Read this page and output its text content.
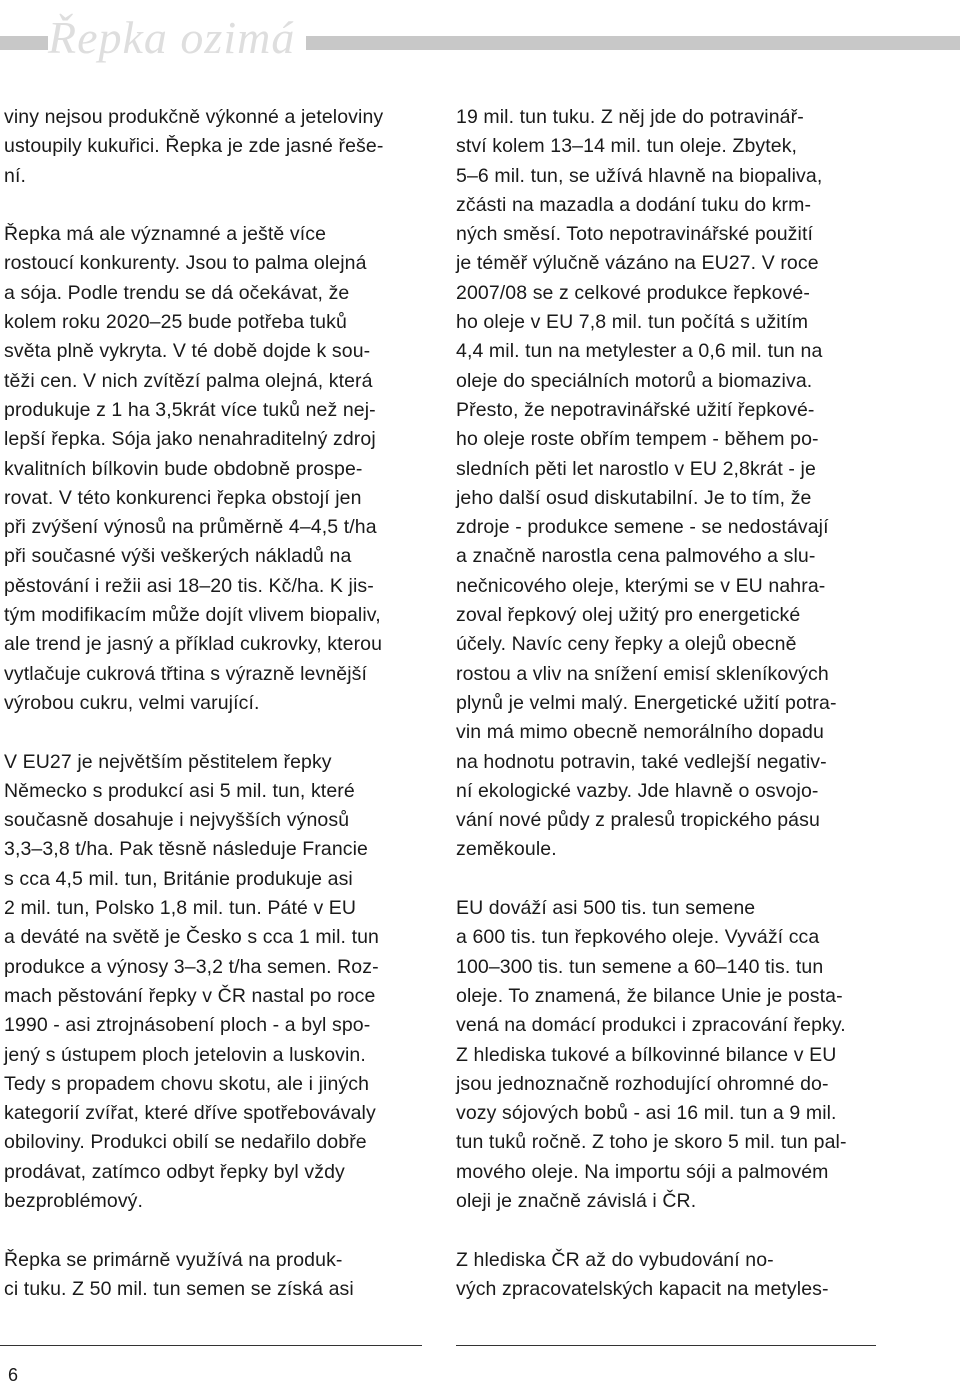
Řepka ozimá

viny nejsou produkčně výkonné a jeteloviny
ustoupily kukuřici. Řepka je zde jasné řeše-
ní.

Řepka má ale významné a ještě více
rostoucí konkurenty. Jsou to palma olejná
a sója. Podle trendu se dá očekávat, že
kolem roku 2020–25 bude potřeba tuků
světa plně vykryta. V té době dojde k sou-
těži cen. V nich zvítězí palma olejná, která
produkuje z 1 ha 3,5krát více tuků než nej-
lepší řepka. Sója jako nenahraditelný zdroj
kvalitních bílkovin bude obdobně prospe-
rovat. V této konkurenci řepka obstojí jen
při zvýšení výnosů na průměrně 4–4,5 t/ha
při současné výši veškerých nákladů na
pěstování i režii asi 18–20 tis. Kč/ha. K jis-
tým modifikacím může dojít vlivem biopaliv,
ale trend je jasný a příklad cukrovky, kterou
vytlačuje cukrová třtina s výrazně levnější
výrobou cukru, velmi varující.

V EU27 je největším pěstitelem řepky
Německo s produkcí asi 5 mil. tun, které
současně dosahuje i nejvyšších výnosů
3,3–3,8 t/ha. Pak těsně následuje Francie
s cca 4,5 mil. tun, Británie produkuje asi
2 mil. tun, Polsko 1,8 mil. tun. Páté v EU
a deváté na světě je Česko s cca 1 mil. tun
produkce a výnosy 3–3,2 t/ha semen. Roz-
mach pěstování řepky v ČR nastal po roce
1990 - asi ztrojnásobení ploch - a byl spo-
jený s ústupem ploch jetelovin a luskovin.
Tedy s propadem chovu skotu, ale i jiných
kategorií zvířat, které dříve spotřebovávaly
obiloviny. Produkci obilí se nedařilo dobře
prodávat, zatímco odbyt řepky byl vždy
bezproblémový.

Řepka se primárně využívá na produk-
ci tuku. Z 50 mil. tun semen se získá asi

19 mil. tun tuku. Z něj jde do potravinář-
ství kolem 13–14 mil. tun oleje. Zbytek,
5–6 mil. tun, se užívá hlavně na biopaliva,
zčásti na mazadla a dodání tuku do krm-
ných směsí. Toto nepotravinářské použití
je téměř výlučně vázáno na EU27. V roce
2007/08 se z celkové produkce řepkové-
ho oleje v EU 7,8 mil. tun počítá s užitím
4,4 mil. tun na metylester a 0,6 mil. tun na
oleje do speciálních motorů a biomaziva.
Přesto, že nepotravinářské užití řepkové-
ho oleje roste obřím tempem - během po-
sledních pěti let narostlo v EU 2,8krát - je
jeho další osud diskutabilní. Je to tím, že
zdroje - produkce semene - se nedostávají
a značně narostla cena palmového a slu-
nečnicového oleje, kterými se v EU nahra-
zoval řepkový olej užitý pro energetické
účely. Navíc ceny řepky a olejů obecně
rostou a vliv na snížení emisí skleníkových
plynů je velmi malý. Energetické užití potra-
vin má mimo obecně nemorálního dopadu
na hodnotu potravin, také vedlejší negativ-
ní ekologické vazby. Jde hlavně o osvojo-
vání nové půdy z pralesů tropického pásu
zeměkoule.

EU dováží asi 500 tis. tun semene
a 600 tis. tun řepkového oleje. Vyváží cca
100–300 tis. tun semene a 60–140 tis. tun
oleje. To znamená, že bilance Unie je posta-
vená na domácí produkci i zpracování řepky.
Z hlediska tukové a bílkovinné bilance v EU
jsou jednoznačně rozhodující ohromné do-
vozy sójových bobů - asi 16 mil. tun a 9 mil.
tun tuků ročně. Z toho je skoro 5 mil. tun pal-
mového oleje. Na importu sóji a palmovém
oleji je značně závislá i ČR.

Z hlediska ČR až do vybudování no-
vých zpracovatelských kapacit na metyles-

6
